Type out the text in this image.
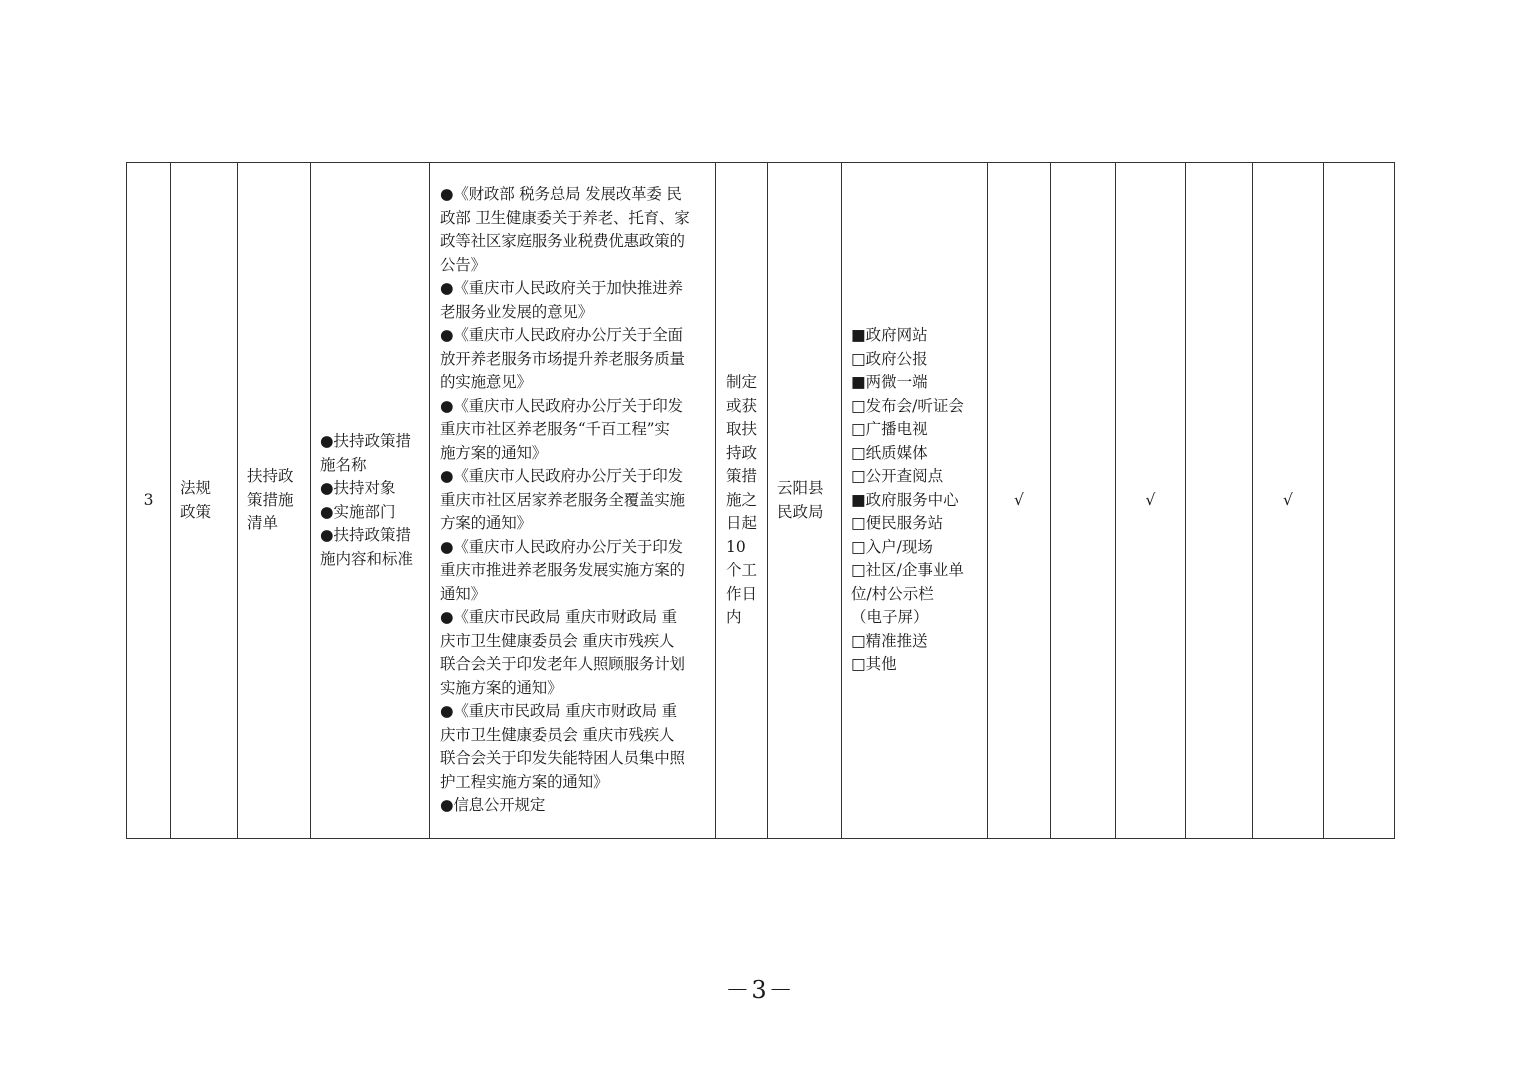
3	
法规
政策

扶持政
策措施
清单

●扶持政策措
施名称
●扶持对象
●实施部门
●扶持政策措
施内容和标准

●《财政部 税务总局 发展改革委 民
政部 卫生健康委关于养老、托育、家
政等社区家庭服务业税费优惠政策的
公告》
●《重庆市人民政府关于加快推进养
老服务业发展的意见》
●《重庆市人民政府办公厅关于全面
放开养老服务市场提升养老服务质量
的实施意见》
●《重庆市人民政府办公厅关于印发
重庆市社区养老服务“千百工程”实
施方案的通知》
●《重庆市人民政府办公厅关于印发
重庆市社区居家养老服务全覆盖实施
方案的通知》
●《重庆市人民政府办公厅关于印发
重庆市推进养老服务发展实施方案的
通知》
●《重庆市民政局 重庆市财政局 重
庆市卫生健康委员会 重庆市残疾人
联合会关于印发老年人照顾服务计划
实施方案的通知》
●《重庆市民政局 重庆市财政局 重
庆市卫生健康委员会 重庆市残疾人
联合会关于印发失能特困人员集中照
护工程实施方案的通知》
●信息公开规定

制定
或获
取扶
持政
策措
施之
日起
10
个工
作日
内

云阳县
民政局

■政府网站
□政府公报
■两微一端
□发布会/听证会
□广播电视
□纸质媒体
□公开查阅点
■政府服务中心
□便民服务站
□入户/现场
□社区/企事业单
位/村公示栏
（电子屏）
□精准推送
□其他
	√		√		√	
－3－
